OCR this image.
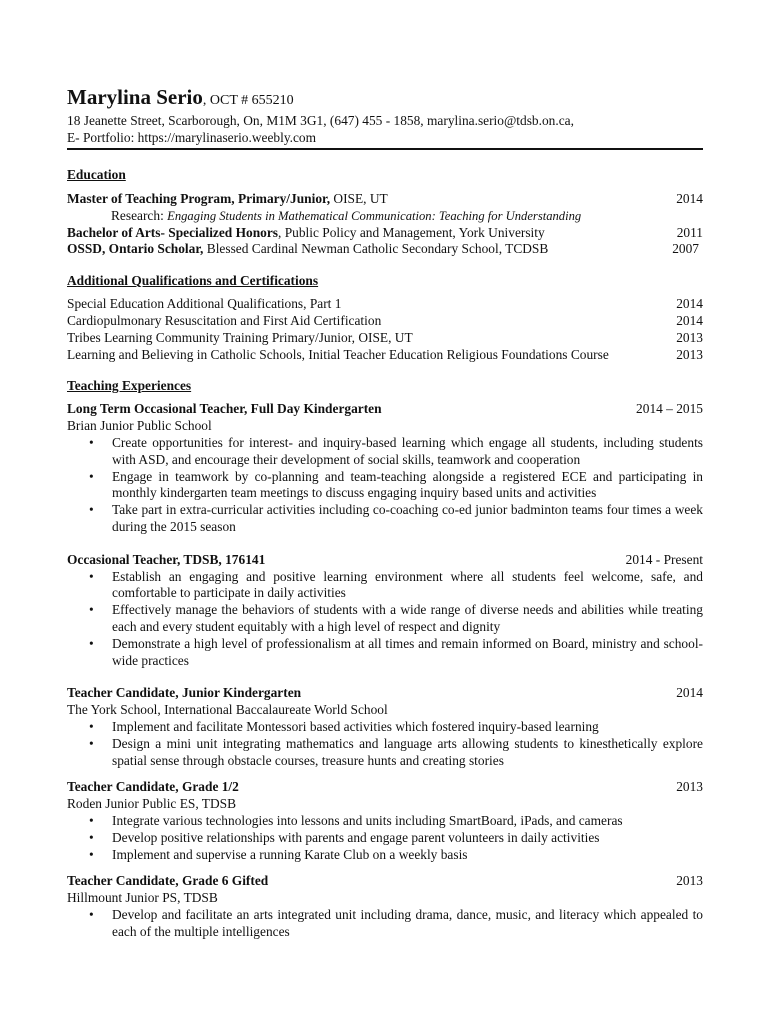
Marylina Serio, OCT # 655210

18 Jeanette Street, Scarborough, On, M1M 3G1, (647) 455 - 1858, marylina.serio@tdsb.on.ca,

E- Portfolio: https://marylinaserio.weebly.com

Education

Master of Teaching Program, Primary/Junior, OISE, UT	2014
Research: Engaging Students in Mathematical Communication: Teaching for Understanding
Bachelor of Arts- Specialized Honors, Public Policy and Management, York University	2011
OSSD, Ontario Scholar, Blessed Cardinal Newman Catholic Secondary School, TCDSB	2007

Additional Qualifications and Certifications

Special Education Additional Qualifications, Part 1	2014
Cardiopulmonary Resuscitation and First Aid Certification	2014
Tribes Learning Community Training Primary/Junior, OISE, UT	2013
Learning and Believing in Catholic Schools, Initial Teacher Education Religious Foundations Course	2013

Teaching Experiences

Long Term Occasional Teacher, Full Day Kindergarten	2014 – 2015

Brian Junior Public School

• Create opportunities for interest- and inquiry-based learning which engage all students, including students with ASD, and encourage their development of social skills, teamwork and cooperation
• Engage in teamwork by co-planning and team-teaching alongside a registered ECE and participating in monthly kindergarten team meetings to discuss engaging inquiry based units and activities
• Take part in extra-curricular activities including co-coaching co-ed junior badminton teams four times a week during the 2015 season
Occasional Teacher, TDSB, 176141	2014 - Present
• Establish an engaging and positive learning environment where all students feel welcome, safe, and comfortable to participate in daily activities
• Effectively manage the behaviors of students with a wide range of diverse needs and abilities while treating each and every student equitably with a high level of respect and dignity
• Demonstrate a high level of professionalism at all times and remain informed on Board, ministry and school-wide practices
Teacher Candidate, Junior Kindergarten	2014

The York School, International Baccalaureate World School

• Implement and facilitate Montessori based activities which fostered inquiry-based learning
• Design a mini unit integrating mathematics and language arts allowing students to kinesthetically explore spatial sense through obstacle courses, treasure hunts and creating stories
Teacher Candidate, Grade 1/2	2013

Roden Junior Public ES, TDSB

• Integrate various technologies into lessons and units including SmartBoard, iPads, and cameras
• Develop positive relationships with parents and engage parent volunteers in daily activities
• Implement and supervise a running Karate Club on a weekly basis
Teacher Candidate, Grade 6 Gifted	2013

Hillmount Junior PS, TDSB

• Develop and facilitate an arts integrated unit including drama, dance, music, and literacy which appealed to each of the multiple intelligences
